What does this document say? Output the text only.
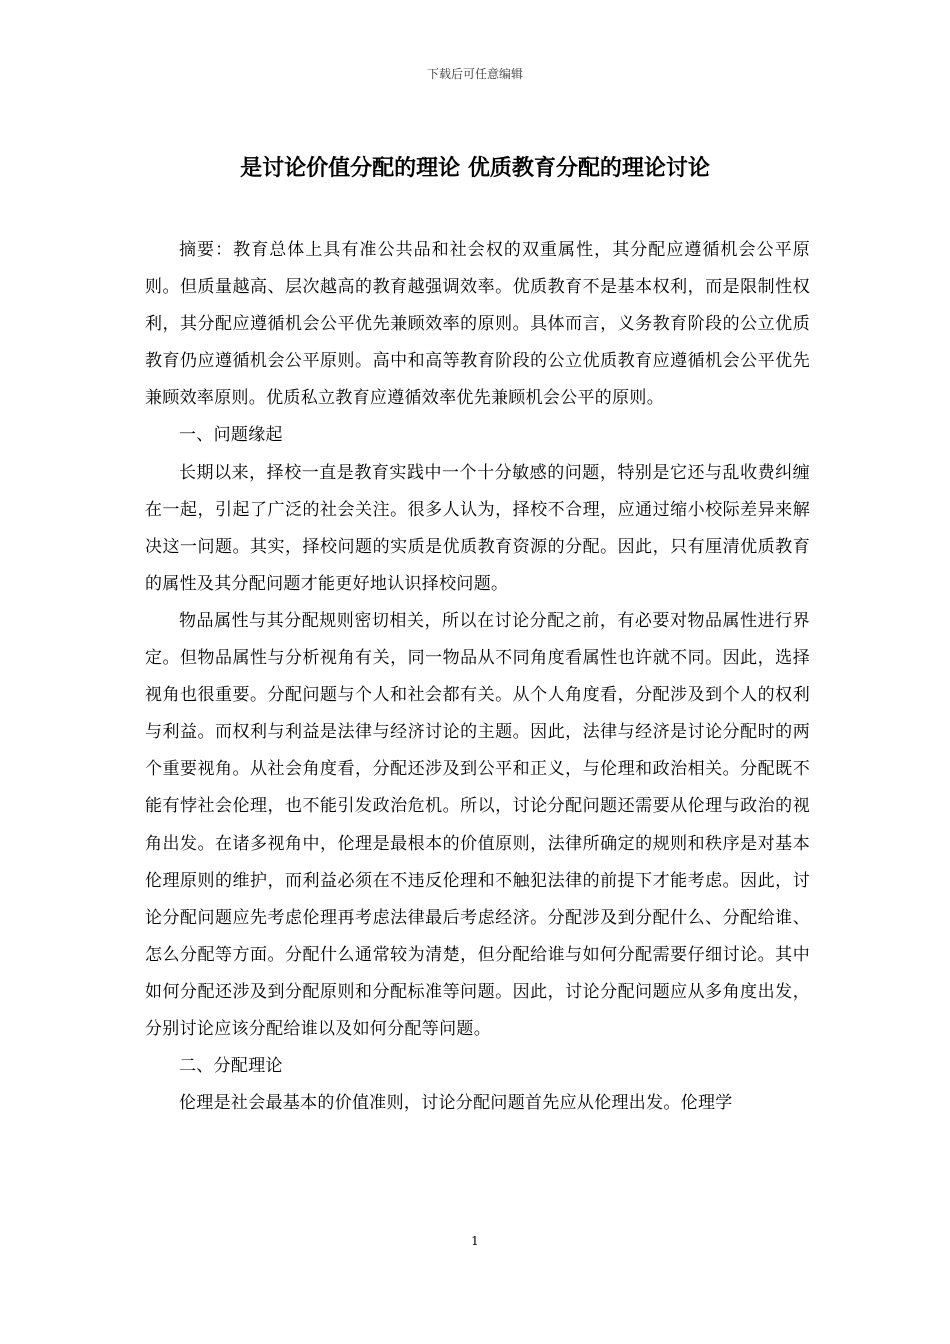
下载后可任意编辑
是讨论价值分配的理论 优质教育分配的理论讨论

摘要：教育总体上具有准公共品和社会权的双重属性，其分配应遵循机会公平原则。但质量越高、层次越高的教育越强调效率。优质教育不是基本权利，而是限制性权利，其分配应遵循机会公平优先兼顾效率的原则。具体而言，义务教育阶段的公立优质教育仍应遵循机会公平原则。高中和高等教育阶段的公立优质教育应遵循机会公平优先兼顾效率原则。优质私立教育应遵循效率优先兼顾机会公平的原则。

一、问题缘起

长期以来，择校一直是教育实践中一个十分敏感的问题，特别是它还与乱收费纠缠在一起，引起了广泛的社会关注。很多人认为，择校不合理，应通过缩小校际差异来解决这一问题。其实，择校问题的实质是优质教育资源的分配。因此，只有厘清优质教育的属性及其分配问题才能更好地认识择校问题。

物品属性与其分配规则密切相关，所以在讨论分配之前，有必要对物品属性进行界定。但物品属性与分析视角有关，同一物品从不同角度看属性也许就不同。因此，选择视角也很重要。分配问题与个人和社会都有关。从个人角度看，分配涉及到个人的权利与利益。而权利与利益是法律与经济讨论的主题。因此，法律与经济是讨论分配时的两个重要视角。从社会角度看，分配还涉及到公平和正义，与伦理和政治相关。分配既不能有悖社会伦理，也不能引发政治危机。所以，讨论分配问题还需要从伦理与政治的视角出发。在诸多视角中，伦理是最根本的价值原则，法律所确定的规则和秩序是对基本伦理原则的维护，而利益必须在不违反伦理和不触犯法律的前提下才能考虑。因此，讨论分配问题应先考虑伦理再考虑法律最后考虑经济。分配涉及到分配什么、分配给谁、怎么分配等方面。分配什么通常较为清楚，但分配给谁与如何分配需要仔细讨论。其中如何分配还涉及到分配原则和分配标准等问题。因此，讨论分配问题应从多角度出发，分别讨论应该分配给谁以及如何分配等问题。

二、分配理论

伦理是社会最基本的价值准则，讨论分配问题首先应从伦理出发。伦理学

1
